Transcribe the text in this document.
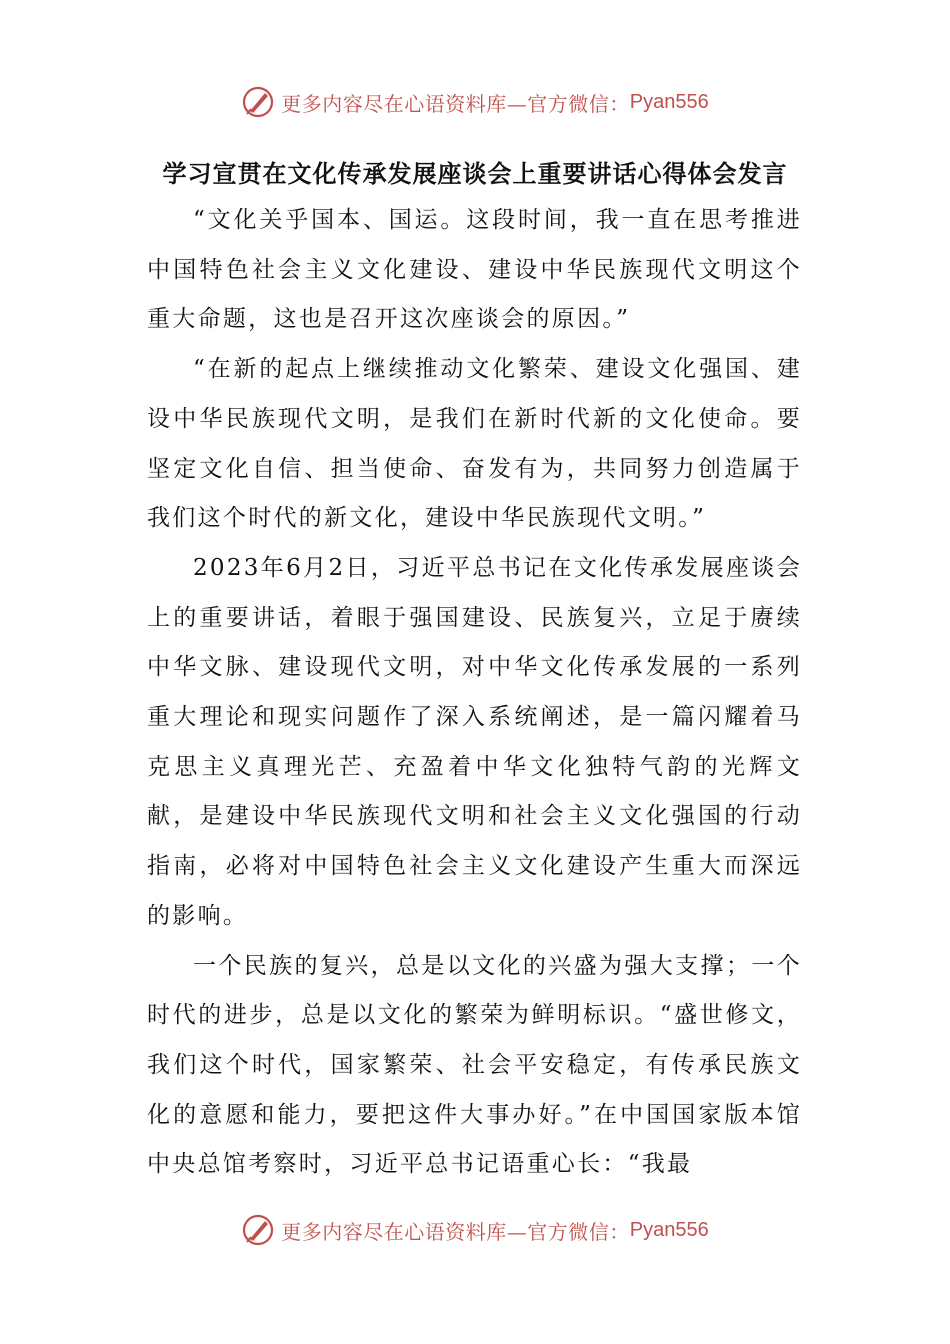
更多内容尽在心语资料库—官方微信： Pyan556
学习宣贯在文化传承发展座谈会上重要讲话心得体会发言

“文化关乎国本、国运。这段时间，我一直在思考推进中国特色社会主义文化建设、建设中华民族现代文明这个重大命题，这也是召开这次座谈会的原因。”

“在新的起点上继续推动文化繁荣、建设文化强国、建设中华民族现代文明，是我们在新时代新的文化使命。要坚定文化自信、担当使命、奋发有为，共同努力创造属于我们这个时代的新文化，建设中华民族现代文明。”

2023年6月2日，习近平总书记在文化传承发展座谈会上的重要讲话，着眼于强国建设、民族复兴，立足于赓续中华文脉、建设现代文明，对中华文化传承发展的一系列重大理论和现实问题作了深入系统阐述，是一篇闪耀着马克思主义真理光芒、充盈着中华文化独特气韵的光辉文献，是建设中华民族现代文明和社会主义文化强国的行动指南，必将对中国特色社会主义文化建设产生重大而深远的影响。

一个民族的复兴，总是以文化的兴盛为强大支撑；一个时代的进步，总是以文化的繁荣为鲜明标识。“盛世修文，我们这个时代，国家繁荣、社会平安稳定，有传承民族文化的意愿和能力，要把这件大事办好。”在中国国家版本馆中央总馆考察时，习近平总书记语重心长：“我最

更多内容尽在心语资料库—官方微信： Pyan556
